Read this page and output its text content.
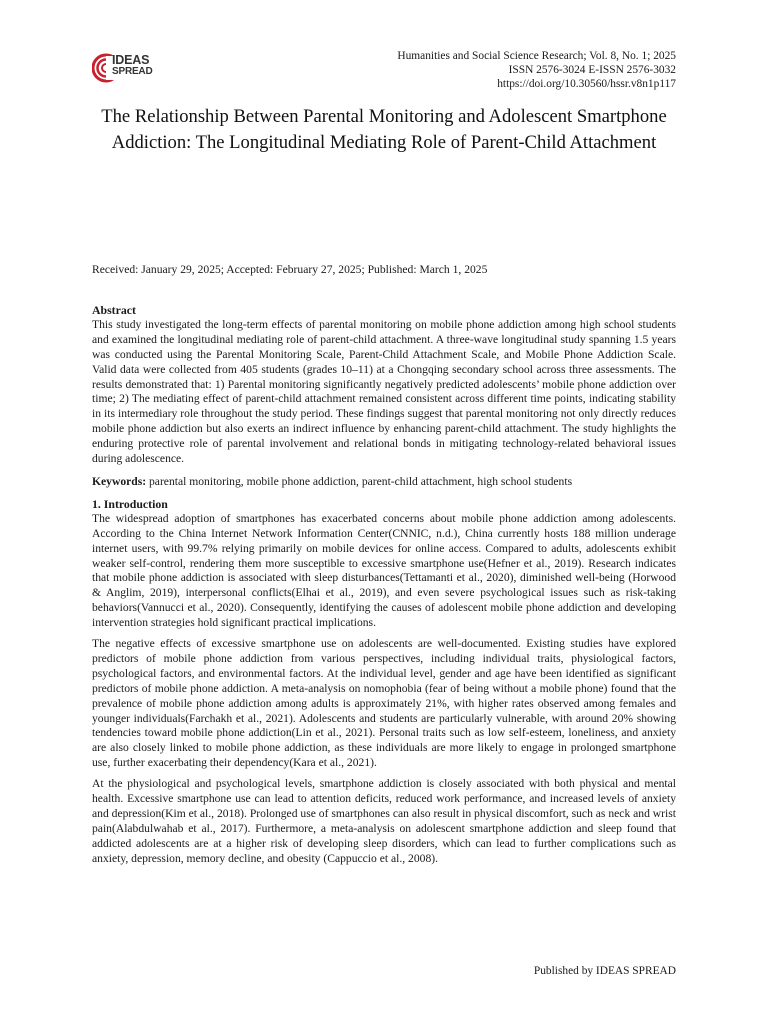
IDEAS
SPREAD
Humanities and Social Science Research; Vol. 8, No. 1; 2025
ISSN 2576-3024 E-ISSN 2576-3032
https://doi.org/10.30560/hssr.v8n1p117
The Relationship Between Parental Monitoring and Adolescent Smartphone Addiction: The Longitudinal Mediating Role of Parent-Child Attachment
Received: January 29, 2025; Accepted: February 27, 2025; Published: March 1, 2025

Abstract

This study investigated the long-term effects of parental monitoring on mobile phone addiction among high school students and examined the longitudinal mediating role of parent-child attachment. A three-wave longitudinal study spanning 1.5 years was conducted using the Parental Monitoring Scale, Parent-Child Attachment Scale, and Mobile Phone Addiction Scale. Valid data were collected from 405 students (grades 10–11) at a Chongqing secondary school across three assessments. The results demonstrated that: 1) Parental monitoring significantly negatively predicted adolescents’ mobile phone addiction over time; 2) The mediating effect of parent-child attachment remained consistent across different time points, indicating stability in its intermediary role throughout the study period. These findings suggest that parental monitoring not only directly reduces mobile phone addiction but also exerts an indirect influence by enhancing parent-child attachment. The study highlights the enduring protective role of parental involvement and relational bonds in mitigating technology-related behavioral issues during adolescence.

Keywords: parental monitoring, mobile phone addiction, parent-child attachment, high school students

1. Introduction

The widespread adoption of smartphones has exacerbated concerns about mobile phone addiction among adolescents. According to the China Internet Network Information Center(CNNIC, n.d.), China currently hosts 188 million underage internet users, with 99.7% relying primarily on mobile devices for online access. Compared to adults, adolescents exhibit weaker self-control, rendering them more susceptible to excessive smartphone use(Hefner et al., 2019). Research indicates that mobile phone addiction is associated with sleep disturbances(Tettamanti et al., 2020), diminished well-being (Horwood & Anglim, 2019), interpersonal conflicts(Elhai et al., 2019), and even severe psychological issues such as risk-taking behaviors(Vannucci et al., 2020). Consequently, identifying the causes of adolescent mobile phone addiction and developing intervention strategies hold significant practical implications.

The negative effects of excessive smartphone use on adolescents are well-documented. Existing studies have explored predictors of mobile phone addiction from various perspectives, including individual traits, physiological factors, psychological factors, and environmental factors. At the individual level, gender and age have been identified as significant predictors of mobile phone addiction. A meta-analysis on nomophobia (fear of being without a mobile phone) found that the prevalence of mobile phone addiction among adults is approximately 21%, with higher rates observed among females and younger individuals(Farchakh et al., 2021). Adolescents and students are particularly vulnerable, with around 20% showing tendencies toward mobile phone addiction(Lin et al., 2021). Personal traits such as low self-esteem, loneliness, and anxiety are also closely linked to mobile phone addiction, as these individuals are more likely to engage in prolonged smartphone use, further exacerbating their dependency(Kara et al., 2021).

At the physiological and psychological levels, smartphone addiction is closely associated with both physical and mental health. Excessive smartphone use can lead to attention deficits, reduced work performance, and increased levels of anxiety and depression(Kim et al., 2018). Prolonged use of smartphones can also result in physical discomfort, such as neck and wrist pain(Alabdulwahab et al., 2017). Furthermore, a meta-analysis on adolescent smartphone addiction and sleep found that addicted adolescents are at a higher risk of developing sleep disorders, which can lead to further complications such as anxiety, depression, memory decline, and obesity (Cappuccio et al., 2008).

Published by IDEAS SPREAD
